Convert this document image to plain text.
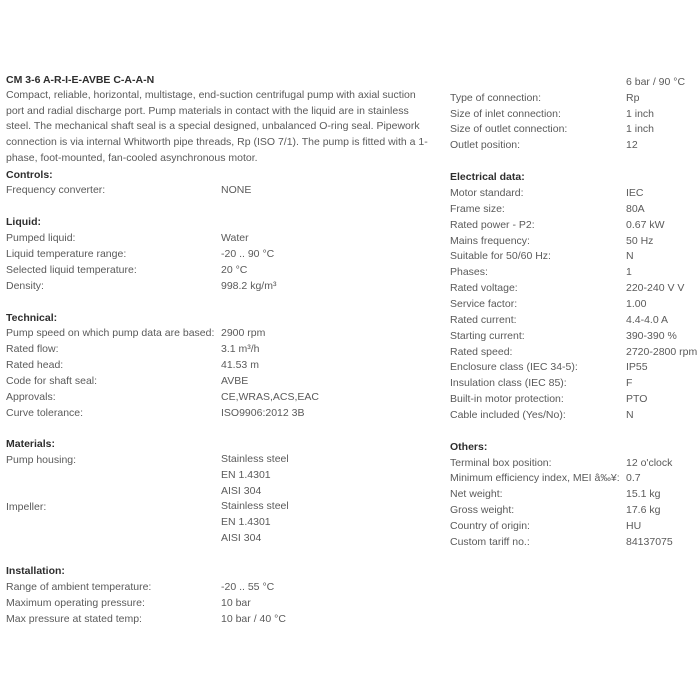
CM 3-6 A-R-I-E-AVBE C-A-A-N
Compact, reliable, horizontal, multistage, end-suction centrifugal pump with axial suction port and radial discharge port. Pump materials in contact with the liquid are in stainless steel. The mechanical shaft seal is a special designed, unbalanced O-ring seal. Pipework connection is via internal Whitworth pipe threads, Rp (ISO 7/1). The pump is fitted with a 1-phase, foot-mounted, fan-cooled asynchronous motor.
Controls:
Frequency converter:	NONE
Liquid:
Pumped liquid:	Water
Liquid temperature range:	-20 .. 90 °C
Selected liquid temperature:	20 °C
Density:	998.2 kg/m³
Technical:
Pump speed on which pump data are based: 2900 rpm
Rated flow:	3.1 m³/h
Rated head:	41.53 m
Code for shaft seal:	AVBE
Approvals:	CE,WRAS,ACS,EAC
Curve tolerance:	ISO9906:2012 3B
Materials:
Pump housing:	Stainless steel
EN 1.4301
AISI 304
Impeller:	Stainless steel
EN 1.4301
AISI 304
Installation:
Range of ambient temperature:	-20 .. 55 °C
Maximum operating pressure:	10 bar
Max pressure at stated temp:	10 bar / 40 °C
6 bar / 90 °C
Type of connection:	Rp
Size of inlet connection:	1 inch
Size of outlet connection:	1 inch
Outlet position:	12
Electrical data:
Motor standard:	IEC
Frame size:	80A
Rated power - P2:	0.67 kW
Mains frequency:	50 Hz
Suitable for 50/60 Hz:	N
Phases:	1
Rated voltage:	220-240 V V
Service factor:	1.00
Rated current:	4.4-4.0 A
Starting current:	390-390 %
Rated speed:	2720-2800 rpm
Enclosure class (IEC 34-5):	IP55
Insulation class (IEC 85):	F
Built-in motor protection:	PTO
Cable included (Yes/No):	N
Others:
Terminal box position:	12 o'clock
Minimum efficiency index, MEI â‰¥: 0.7
Net weight:	15.1 kg
Gross weight:	17.6 kg
Country of origin:	HU
Custom tariff no.:	84137075
